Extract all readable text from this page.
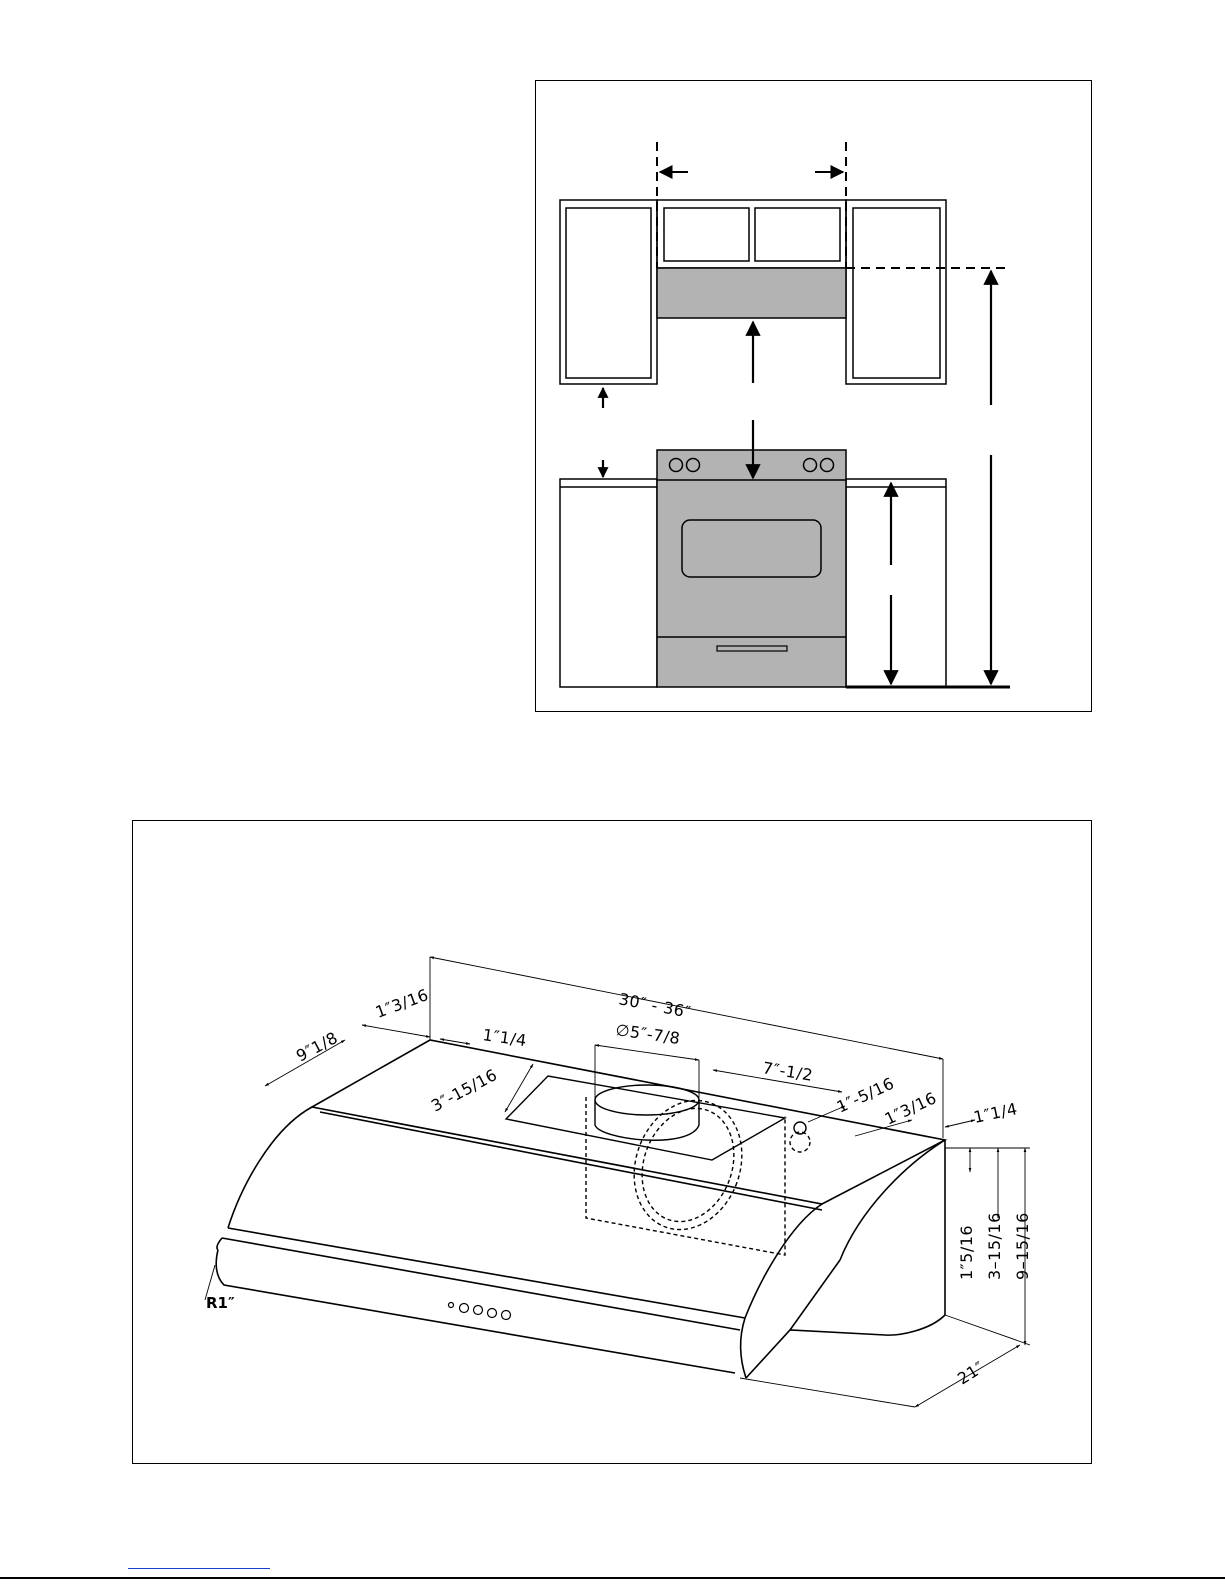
30″ - 36″
1″3/16
9″1/8	1″1/4	∅5″-7/8
7″-1/2
3″-15/16	1″-5/16
1″3/16 1″1/4
1″5/16 3–15/16 9–15/16
21″
R1″
